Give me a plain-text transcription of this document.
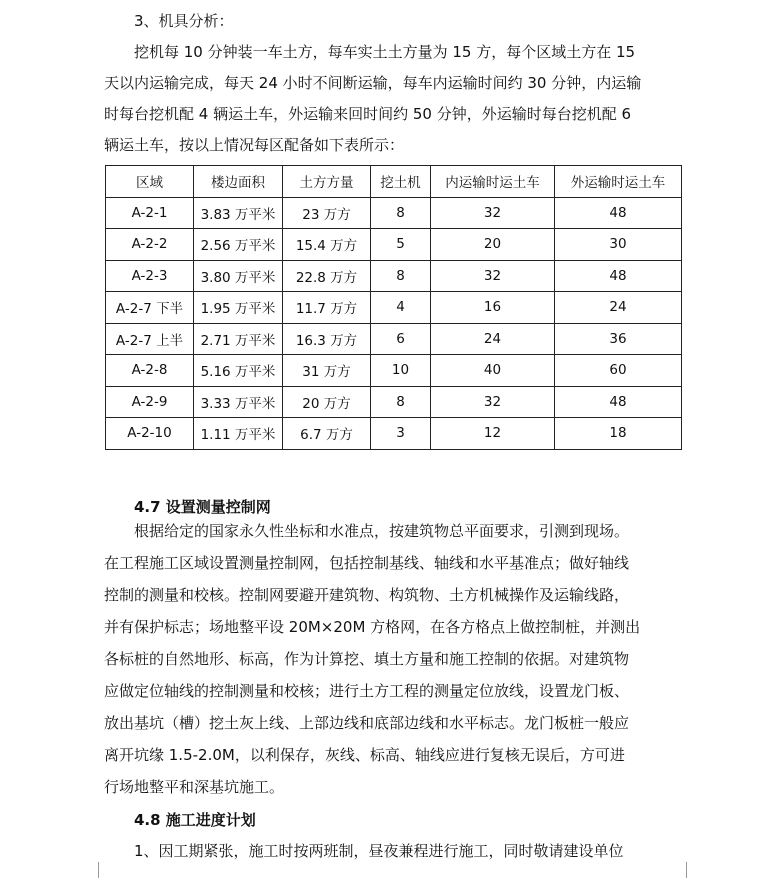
3、机具分析：
挖机每 10 分钟装一车土方，每车实土土方量为 15 方，每个区域土方在 15
天以内运输完成，每天 24 小时不间断运输，每车内运输时间约 30 分钟，内运输
时每台挖机配 4 辆运土车，外运输来回时间约 50 分钟，外运输时每台挖机配 6
辆运土车，按以上情况每区配备如下表所示：
区域	楼边面积	土方方量	挖土机	内运输时运土车	外运输时运土车
A-2-1	3.83 万平米	23 万方	8	32	48
A-2-2	2.56 万平米	15.4 万方	5	20	30
A-2-3	3.80 万平米	22.8 万方	8	32	48
A-2-7 下半	1.95 万平米	11.7 万方	4	16	24
A-2-7 上半	2.71 万平米	16.3 万方	6	24	36
A-2-8	5.16 万平米	31 万方	10	40	60
A-2-9	3.33 万平米	20 万方	8	32	48
A-2-10	1.11 万平米	6.7 万方	3	12	18
4.7 设置测量控制网
根据给定的国家永久性坐标和水准点，按建筑物总平面要求，引测到现场。
在工程施工区域设置测量控制网，包括控制基线、轴线和水平基准点；做好轴线
控制的测量和校核。控制网要避开建筑物、构筑物、土方机械操作及运输线路，
并有保护标志；场地整平设 20M×20M 方格网，在各方格点上做控制桩，并测出
各标桩的自然地形、标高，作为计算挖、填土方量和施工控制的依据。对建筑物
应做定位轴线的控制测量和校核；进行土方工程的测量定位放线，设置龙门板、
放出基坑（槽）挖土灰上线、上部边线和底部边线和水平标志。龙门板桩一般应
离开坑缘 1.5-2.0M，以利保存，灰线、标高、轴线应进行复核无误后，方可进
行场地整平和深基坑施工。
4.8 施工进度计划
1、因工期紧张，施工时按两班制，昼夜兼程进行施工，同时敬请建设单位
